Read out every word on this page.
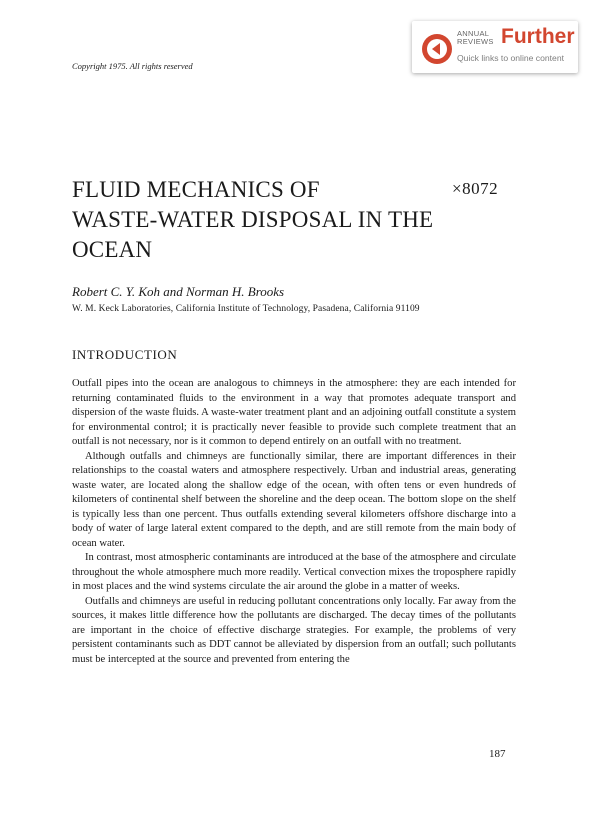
ANNUAL
REVIEWS Further
Quick links to online content
Copyright 1975. All rights reserved
FLUID MECHANICS OF
WASTE-WATER DISPOSAL IN THE
OCEAN
×8072
Robert C. Y. Koh and Norman H. Brooks
W. M. Keck Laboratories, California Institute of Technology, Pasadena, California 91109
INTRODUCTION

Outfall pipes into the ocean are analogous to chimneys in the atmosphere: they are each intended for returning contaminated fluids to the environment in a way that promotes adequate transport and dispersion of the waste fluids. A waste-water treatment plant and an adjoining outfall constitute a system for environmental control; it is practically never feasible to provide such complete treatment that an outfall is not necessary, nor is it common to depend entirely on an outfall with no treatment.

Although outfalls and chimneys are functionally similar, there are important differences in their relationships to the coastal waters and atmosphere respectively. Urban and industrial areas, generating waste water, are located along the shallow edge of the ocean, with often tens or even hundreds of kilometers of continental shelf between the shoreline and the deep ocean. The bottom slope on the shelf is typically less than one percent. Thus outfalls extending several kilometers offshore discharge into a body of water of large lateral extent compared to the depth, and are still remote from the main body of ocean water.

In contrast, most atmospheric contaminants are introduced at the base of the atmosphere and circulate throughout the whole atmosphere much more readily. Vertical convection mixes the troposphere rapidly in most places and the wind systems circulate the air around the globe in a matter of weeks.

Outfalls and chimneys are useful in reducing pollutant concentrations only locally. Far away from the sources, it makes little difference how the pollutants are discharged. The decay times of the pollutants are important in the choice of effective discharge strategies. For example, the problems of very persistent contaminants such as DDT cannot be alleviated by dispersion from an outfall; such pollutants must be intercepted at the source and prevented from entering the

187
